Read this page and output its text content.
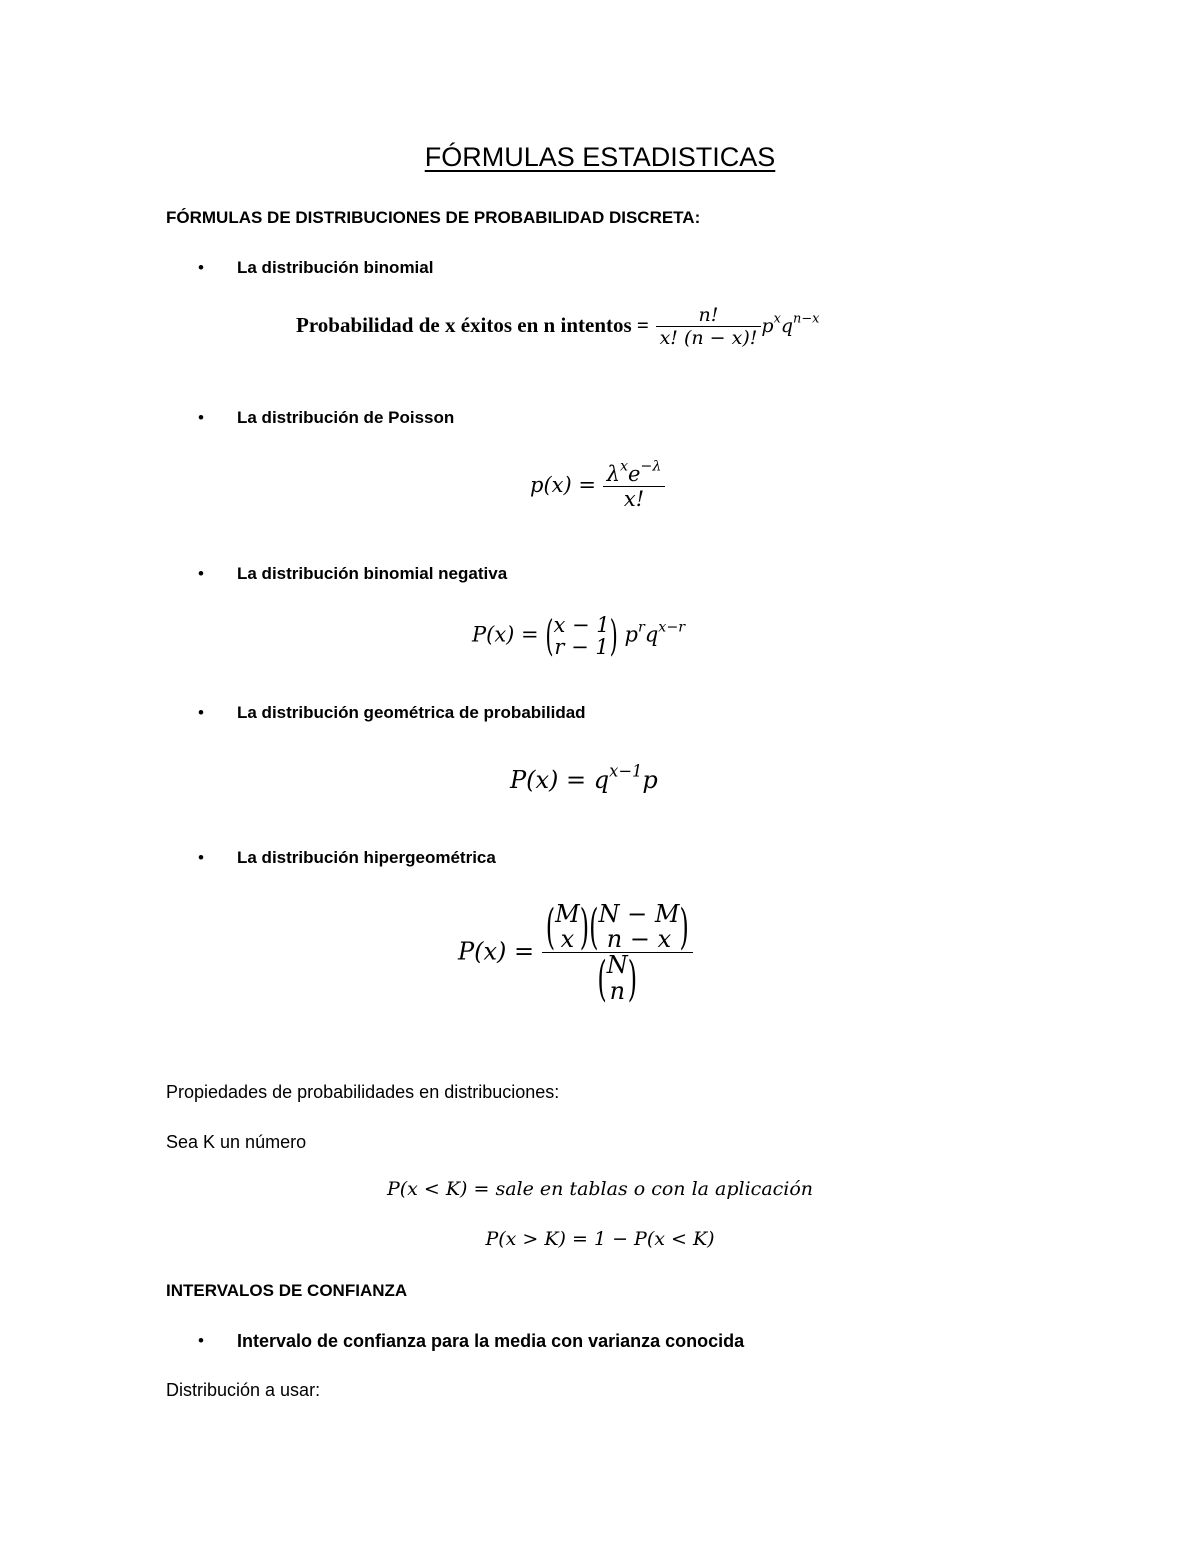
FÓRMULAS ESTADISTICAS
FÓRMULAS DE DISTRIBUCIONES DE PROBABILIDAD DISCRETA:
• La distribución binomial
Probabilidad de x éxitos en n intentos = $\frac{n!}{x! (n - x)!} p^xq^{n-x}$
• La distribución de Poisson
$p(x) = \frac{\lambda^xe^{-\lambda}}{x!}$
• La distribución binomial negativa
P(x) = ( x − 1
r − 1 ) $p^rq^{x-r}$
• La distribución geométrica de probabilidad
$P(x) = q^{x-1}p$
• La distribución hipergeométrica
P(x) = ( M
x )( N − M
n − x )
( N
n )
Propiedades de probabilidades en distribuciones:
Sea K un número
P(x < K) = sale en tablas o con la aplicación
P(x > K) = 1 − P(x < K)
INTERVALOS DE CONFIANZA
• Intervalo de confianza para la media con varianza conocida
Distribución a usar:
